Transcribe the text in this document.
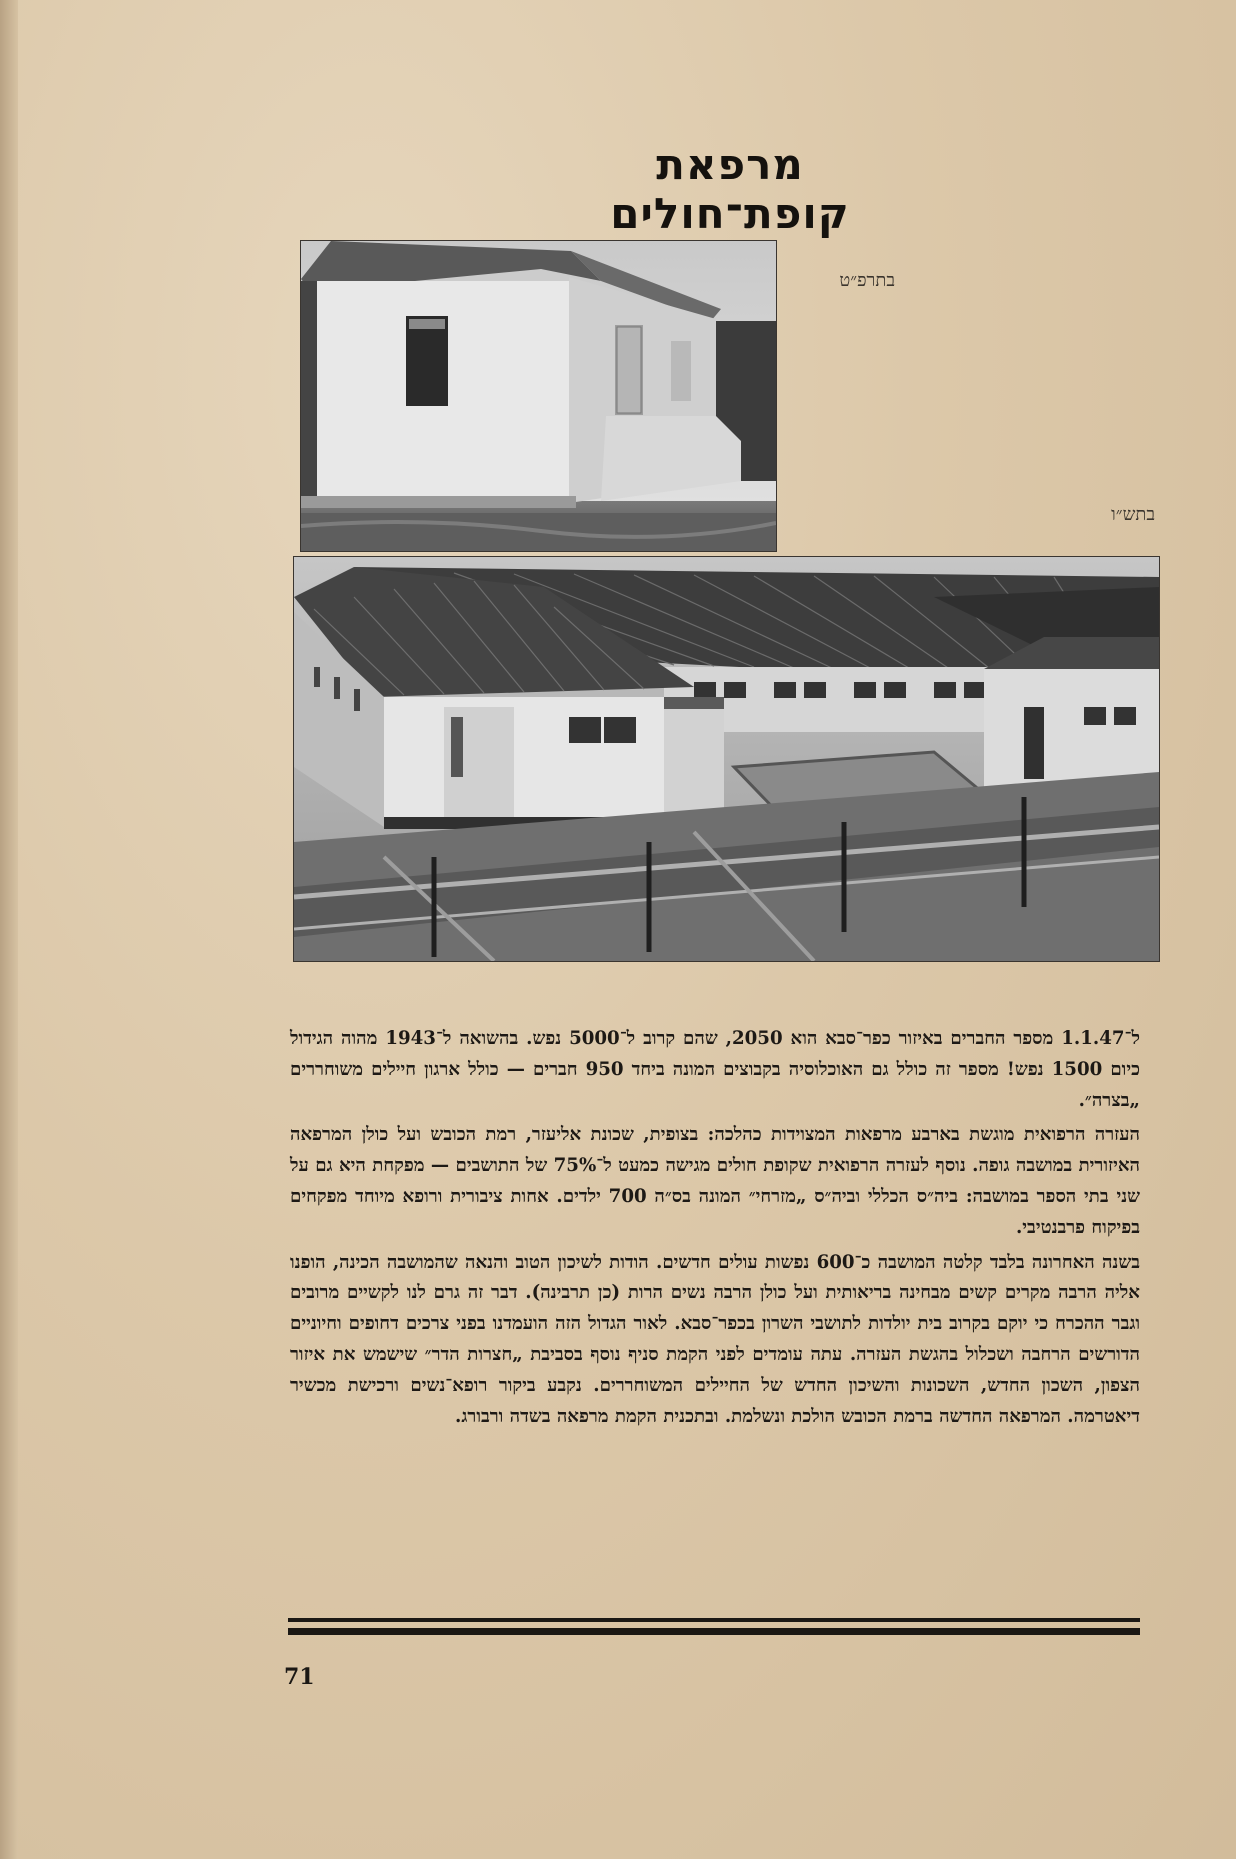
מרפאת קופת־חולים
בתרפ״ט
בתש״ו

ל־1.1.47 מספר החברים באיזור כפר־סבא הוא 2050, שהם קרוב ל־5000 נפש. בהשואה ל־1943 מהוה הגידול כיום 1500 נפש! מספר זה כולל גם האוכלוסיה בקבוצים המונה ביחד 950 חברים — כולל ארגון חיילים משוחררים „בצרה״.

העזרה הרפואית מוגשת בארבע מרפאות המצוידות כהלכה: בצופית, שכונת אליעזר, רמת הכובש ועל כולן המרפאה האיזורית במושבה גופה. נוסף לעזרה הרפואית שקופת חולים מגישה כמעט ל־75% של התושבים — מפקחת היא גם על שני בתי הספר במושבה: ביה״ס הכללי וביה״ס „מזרחי״ המונה בס״ה 700 ילדים. אחות ציבורית ורופא מיוחד מפקחים בפיקוח פרבנטיבי.

בשנה האחרונה בלבד קלטה המושבה כ־600 נפשות עולים חדשים. הודות לשיכון הטוב והנאה שהמושבה הכינה, הופנו אליה הרבה מקרים קשים מבחינה בריאותית ועל כולן הרבה נשים הרות (כן תרבינה). דבר זה גרם לנו לקשיים מרובים וגבר ההכרח כי יוקם בקרוב בית יולדות לתושבי השרון בכפר־סבא. לאור הגדול הזה הועמדנו בפני צרכים דחופים וחיוניים הדורשים הרחבה ושכלול בהגשת העזרה. עתה עומדים לפני הקמת סניף נוסף בסביבת „חצרות הדר״ שישמש את איזור הצפון, השכון החדש, השכונות והשיכון החדש של החיילים המשוחררים. נקבע ביקור רופא־נשים ורכישת מכשיר דיאטרמה. המרפאה החדשה ברמת הכובש הולכת ונשלמת. ובתכנית הקמת מרפאה בשדה ורבורג.

71
